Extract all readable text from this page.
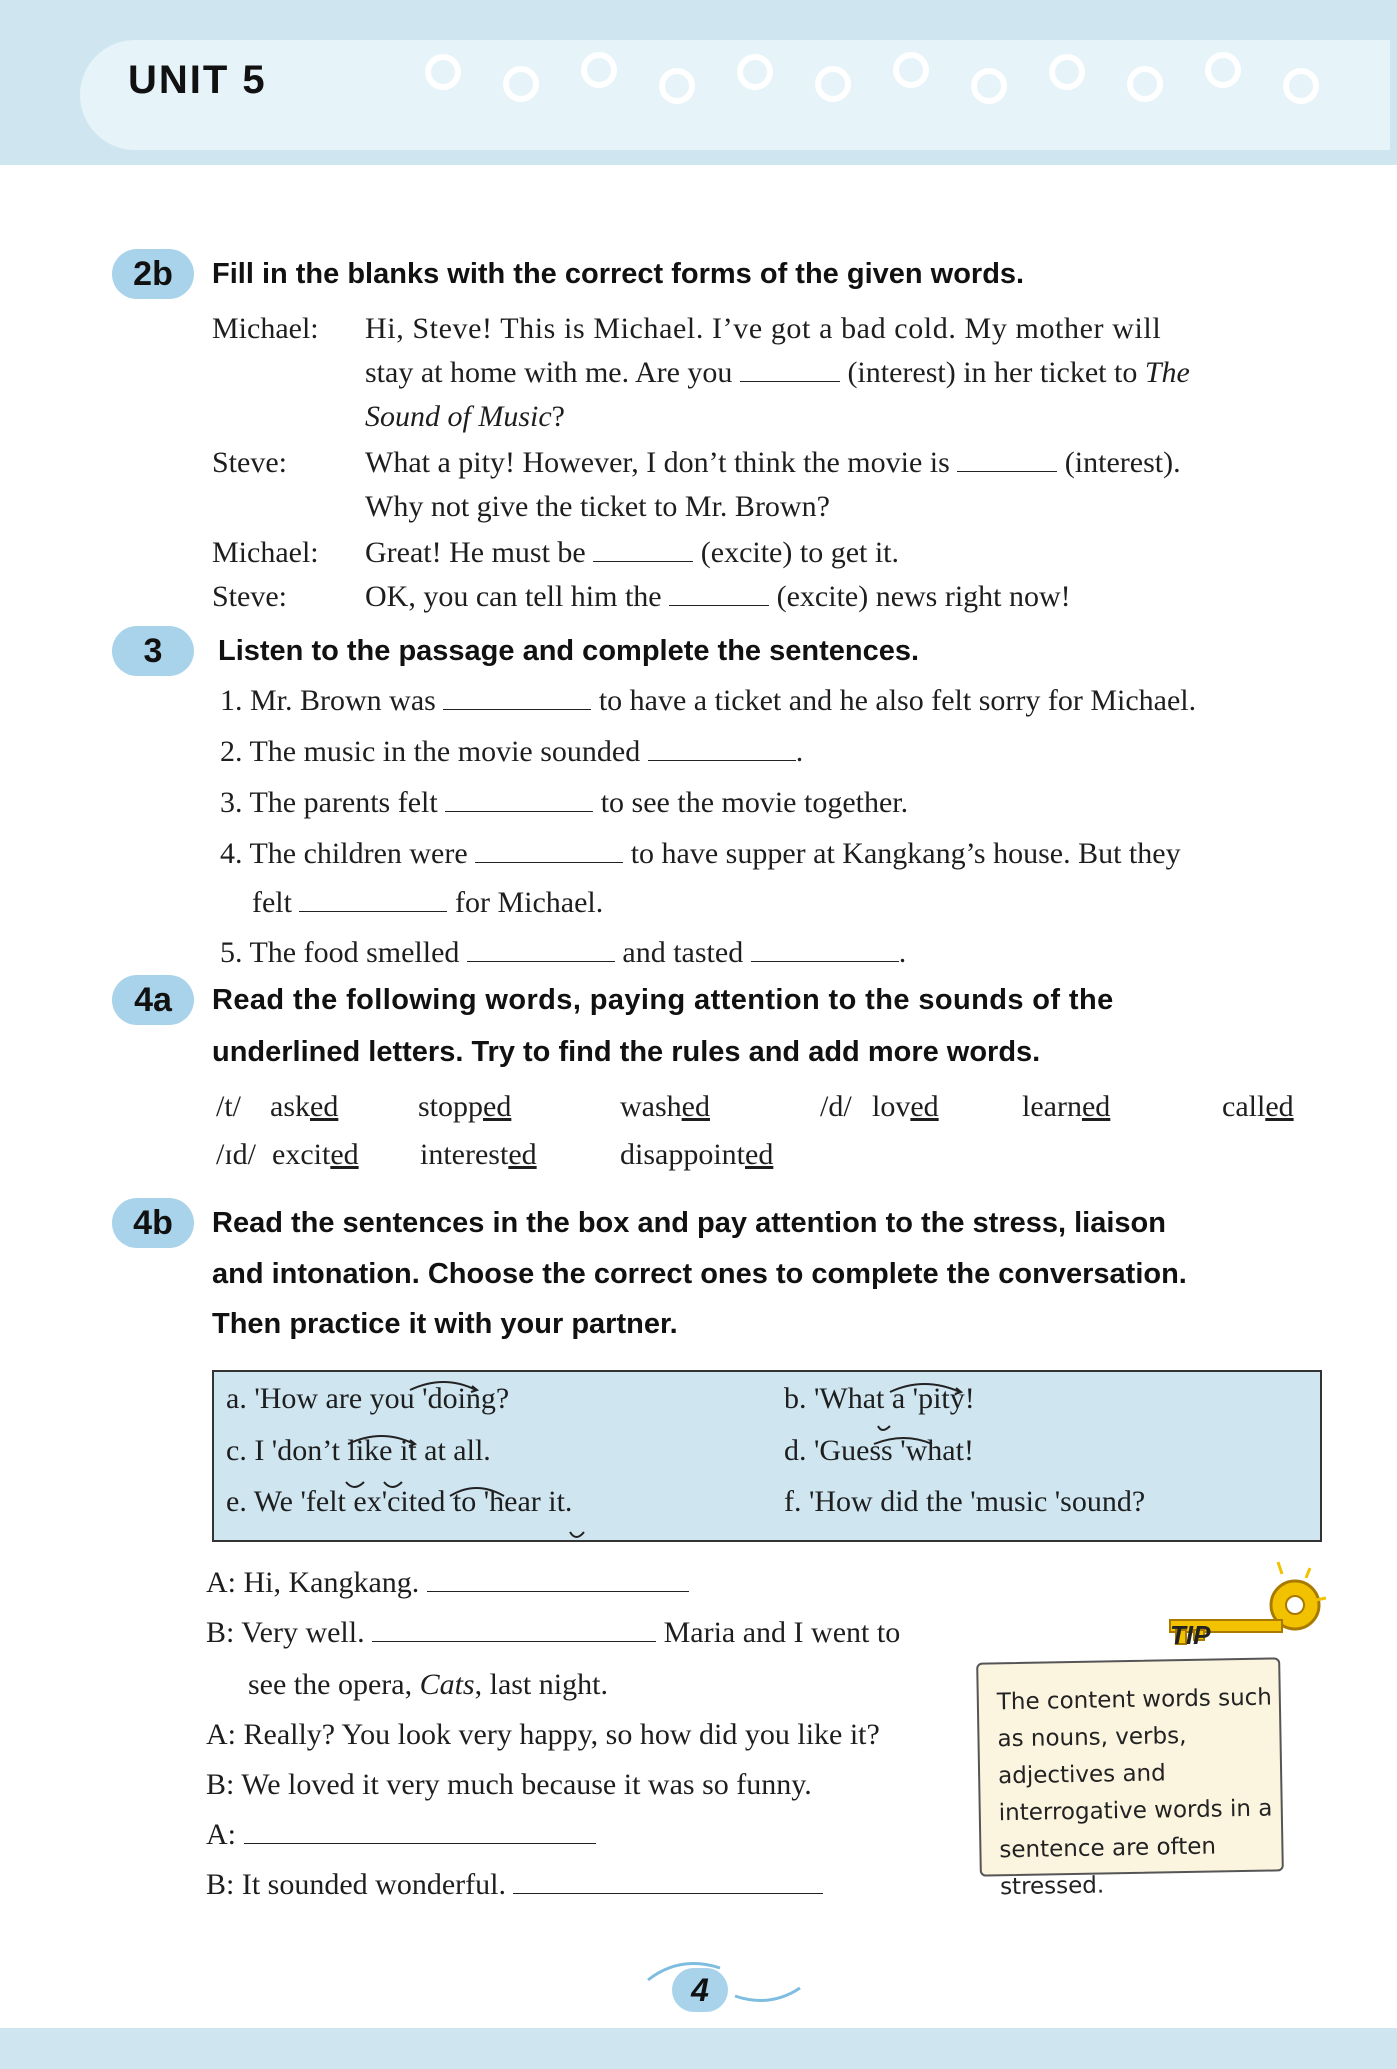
UNIT 5
2b	Fill in the blanks with the correct forms of the given words.
Michael: Hi, Steve! This is Michael. I’ve got a bad cold. My mother will
stay at home with me. Are you	(interest) in her ticket to The
Sound of Music?
Steve:	What a pity! However, I don’t think the movie is	(interest).
Why not give the ticket to Mr. Brown?
Michael: Great! He must be	(excite) to get it.
Steve:	OK, you can tell him the	(excite) news right now!
3	Listen to the passage and complete the sentences.
1. Mr. Brown was	to have a ticket and he also felt sorry for Michael.
2. The music in the movie sounded	.
3. The parents felt	to see the movie together.
4. The children were	to have supper at Kangkang’s house. But they
felt	for Michael.
5. The food smelled	and tasted	.
4a	Read the following words, paying attention to the sounds of the
underlined letters. Try to find the rules and add more words.
/t/ asked	stopped	washed	/d/ loved	learned	called
/ɪd/ excited interested	disappointed
4b	Read the sentences in the box and pay attention to the stress, liaison
and intonation. Choose the correct ones to complete the conversation.
Then practice it with your partner.
a. 'How are you 'doing?	b. 'What a 'pity!
c. I 'don’t like it at all.	d. 'Guess 'what!
e. We 'felt ex'cited to 'hear it.	f. 'How did the 'music 'sound?
A: Hi, Kangkang.
B: Very well.	Maria and I went to
see the opera, Cats, last night.
A: Really? You look very happy, so how did you like it?
B: We loved it very much because it was so funny.
A:
B: It sounded wonderful.
The content words such as nouns, verbs, adjectives and interrogative words in a sentence are often stressed.
TIP
4
